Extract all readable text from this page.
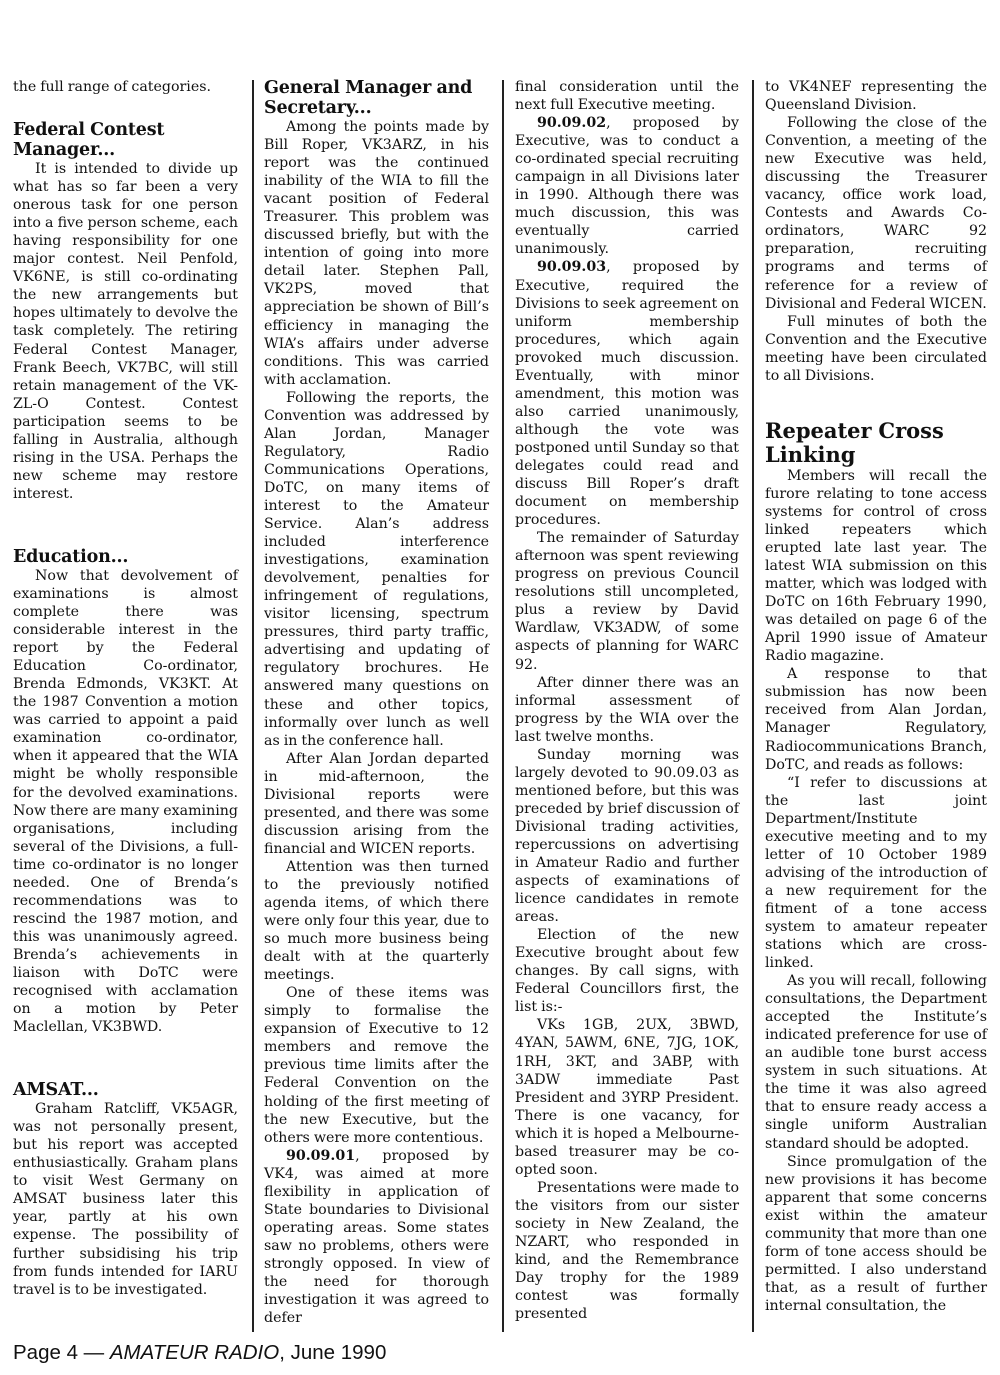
the full range of categories.

Federal Contest Manager...

It is intended to divide up what has so far been a very onerous task for one person into a five person scheme, each having responsibility for one major contest. Neil Penfold, VK6NE, is still co-ordinating the new arrangements but hopes ultimately to devolve the task completely. The retiring Federal Contest Manager, Frank Beech, VK7BC, will still retain management of the VK-ZL-O Contest. Contest participation seems to be falling in Australia, although rising in the USA. Perhaps the new scheme may restore interest.

Education...

Now that devolvement of examinations is almost complete there was considerable interest in the report by the Federal Education Co-ordinator, Brenda Edmonds, VK3KT. At the 1987 Convention a motion was carried to appoint a paid examination co-ordinator, when it appeared that the WIA might be wholly responsible for the devolved examinations. Now there are many examining organisations, including several of the Divisions, a full-time co-ordinator is no longer needed. One of Brenda’s recommendations was to rescind the 1987 motion, and this was unanimously agreed. Brenda’s achievements in liaison with DoTC were recognised with acclamation on a motion by Peter Maclellan, VK3BWD.

AMSAT...

Graham Ratcliff, VK5AGR, was not personally present, but his report was accepted enthusiastically. Graham plans to visit West Germany on AMSAT business later this year, partly at his own expense. The possibility of further subsidising his trip from funds intended for IARU travel is to be investigated.

General Manager and Secretary...

Among the points made by Bill Roper, VK3ARZ, in his report was the continued inability of the WIA to fill the vacant position of Federal Treasurer. This problem was discussed briefly, but with the intention of going into more detail later. Stephen Pall, VK2PS, moved that appreciation be shown of Bill’s efficiency in managing the WIA’s affairs under adverse conditions. This was carried with acclamation.

Following the reports, the Convention was addressed by Alan Jordan, Manager Regulatory, Radio Communications Operations, DoTC, on many items of interest to the Amateur Service. Alan’s address included interference investigations, examination devolvement, penalties for infringement of regulations, visitor licensing, spectrum pressures, third party traffic, advertising and updating of regulatory brochures. He answered many questions on these and other topics, informally over lunch as well as in the conference hall.

After Alan Jordan departed in mid-afternoon, the Divisional reports were presented, and there was some discussion arising from the financial and WICEN reports.

Attention was then turned to the previously notified agenda items, of which there were only four this year, due to so much more business being dealt with at the quarterly meetings.

One of these items was simply to formalise the expansion of Executive to 12 members and remove the previous time limits after the Federal Convention on the holding of the first meeting of the new Executive, but the others were more contentious.

90.09.01, proposed by VK4, was aimed at more flexibility in application of State boundaries to Divisional operating areas. Some states saw no problems, others were strongly opposed. In view of the need for thorough investigation it was agreed to defer

final consideration until the next full Executive meeting.

90.09.02, proposed by Executive, was to conduct a co-ordinated special recruiting campaign in all Divisions later in 1990. Although there was much discussion, this was eventually carried unanimously.

90.09.03, proposed by Executive, required the Divisions to seek agreement on uniform membership procedures, which again provoked much discussion. Eventually, with minor amendment, this motion was also carried unanimously, although the vote was postponed until Sunday so that delegates could read and discuss Bill Roper’s draft document on membership procedures.

The remainder of Saturday afternoon was spent reviewing progress on previous Council resolutions still uncompleted, plus a review by David Wardlaw, VK3ADW, of some aspects of planning for WARC 92.

After dinner there was an informal assessment of progress by the WIA over the last twelve months.

Sunday morning was largely devoted to 90.09.03 as mentioned before, but this was preceded by brief discussion of Divisional trading activities, repercussions on advertising in Amateur Radio and further aspects of examinations of licence candidates in remote areas.

Election of the new Executive brought about few changes. By call signs, with Federal Councillors first, the list is:-

VKs 1GB, 2UX, 3BWD, 4YAN, 5AWM, 6NE, 7JG, 1OK, 1RH, 3KT, and 3ABP, with 3ADW immediate Past President and 3YRP President. There is one vacancy, for which it is hoped a Melbourne-based treasurer may be co-opted soon.

Presentations were made to the visitors from our sister society in New Zealand, the NZART, who responded in kind, and the Remembrance Day trophy for the 1989 contest was formally presented

to VK4NEF representing the Queensland Division.

Following the close of the Convention, a meeting of the new Executive was held, discussing the Treasurer vacancy, office work load, Contests and Awards Co-ordinators, WARC 92 preparation, recruiting programs and terms of reference for a review of Divisional and Federal WICEN.

Full minutes of both the Convention and the Executive meeting have been circulated to all Divisions.

Repeater Cross Linking

Members will recall the furore relating to tone access systems for control of cross linked repeaters which erupted late last year. The latest WIA submission on this matter, which was lodged with DoTC on 16th February 1990, was detailed on page 6 of the April 1990 issue of Amateur Radio magazine.

A response to that submission has now been received from Alan Jordan, Manager Regulatory, Radiocommunications Branch, DoTC, and reads as follows:

“I refer to discussions at the last joint Department/Institute executive meeting and to my letter of 10 October 1989 advising of the introduction of a new requirement for the fitment of a tone access system to amateur repeater stations which are cross-linked.

As you will recall, following consultations, the Department accepted the Institute’s indicated preference for use of an audible tone burst access system in such situations. At the time it was also agreed that to ensure ready access a single uniform Australian standard should be adopted.

Since promulgation of the new provisions it has become apparent that some concerns exist within the amateur community that more than one form of tone access should be permitted. I also understand that, as a result of further internal consultation, the

Page 4 — AMATEUR RADIO, June 1990
